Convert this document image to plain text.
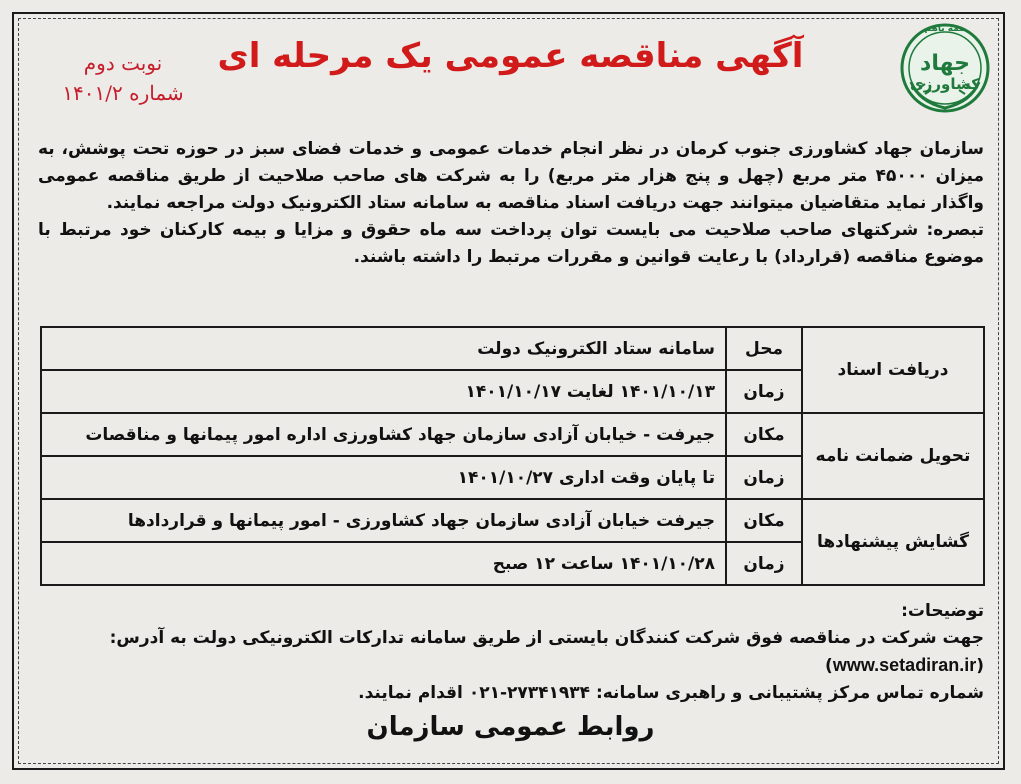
همه باهم
جهاد
کشاورزی
آگهی مناقصه عمومی یک مرحله ای
نوبت دوم
شماره ۱۴۰۱/۲

سازمان جهاد کشاورزی جنوب کرمان در نظر انجام خدمات عمومی و خدمات فضای سبز در حوزه تحت پوشش، به میزان ۴۵۰۰۰ متر مربع (چهل و پنج هزار متر مربع) را به شرکت های صاحب صلاحیت از طریق مناقصه عمومی واگذار نماید متقاضیان میتوانند جهت دریافت اسناد مناقصه به سامانه ستاد الکترونیک دولت مراجعه نمایند.

تبصره: شرکتهای صاحب صلاحیت می بایست توان پرداخت سه ماه حقوق و مزایا و بیمه کارکنان خود مرتبط با موضوع مناقصه (قرارداد) با رعایت قوانین و مقررات مرتبط را داشته باشند.

دریافت اسناد	محل	سامانه ستاد الکترونیک دولت
	زمان	۱۴۰۱/۱۰/۱۳ لغایت ۱۴۰۱/۱۰/۱۷
تحویل ضمانت نامه	مکان	جیرفت - خیابان آزادی سازمان جهاد کشاورزی اداره امور پیمانها و مناقصات
	زمان	تا پایان وقت اداری ۱۴۰۱/۱۰/۲۷
گشایش پیشنهادها	مکان	جیرفت خیابان آزادی سازمان جهاد کشاورزی - امور پیمانها و قراردادها
	زمان	۱۴۰۱/۱۰/۲۸ ساعت ۱۲ صبح

توضیحات:

جهت شرکت در مناقصه فوق شرکت کنندگان بایستی از طریق سامانه تدارکات الکترونیکی دولت به آدرس: (www.setadiran.ir)

شماره تماس مرکز پشتیبانی و راهبری سامانه: ۲۷۳۴۱۹۳۴-۰۲۱ اقدام نمایند.

روابط عمومی سازمان
